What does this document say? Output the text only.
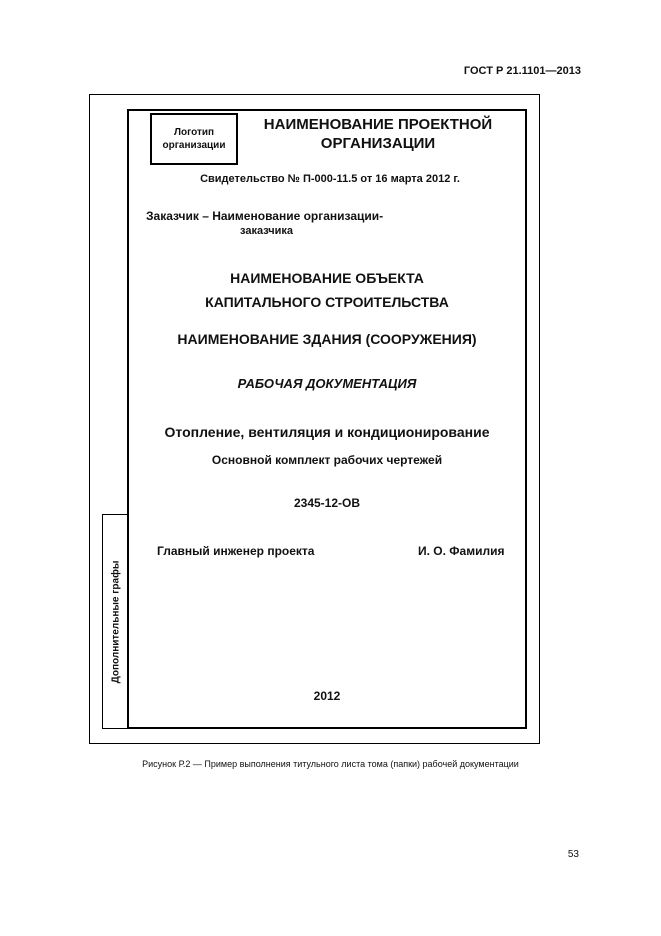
ГОСТ Р 21.1101—2013
Дополнительные графы
Логотип
организации
НАИМЕНОВАНИЕ ПРОЕКТНОЙ
ОРГАНИЗАЦИИ
Свидетельство № П-000-11.5 от 16 марта 2012 г.
Заказчик – Наименование организации-
заказчика
НАИМЕНОВАНИЕ ОБЪЕКТА
КАПИТАЛЬНОГО СТРОИТЕЛЬСТВА
НАИМЕНОВАНИЕ ЗДАНИЯ (СООРУЖЕНИЯ)
РАБОЧАЯ ДОКУМЕНТАЦИЯ
Отопление, вентиляция и кондиционирование
Основной комплект рабочих чертежей
2345-12-ОВ
Главный инженер проекта	И. О. Фамилия
2012
Рисунок Р.2 — Пример выполнения титульного листа тома (папки) рабочей документации
53
